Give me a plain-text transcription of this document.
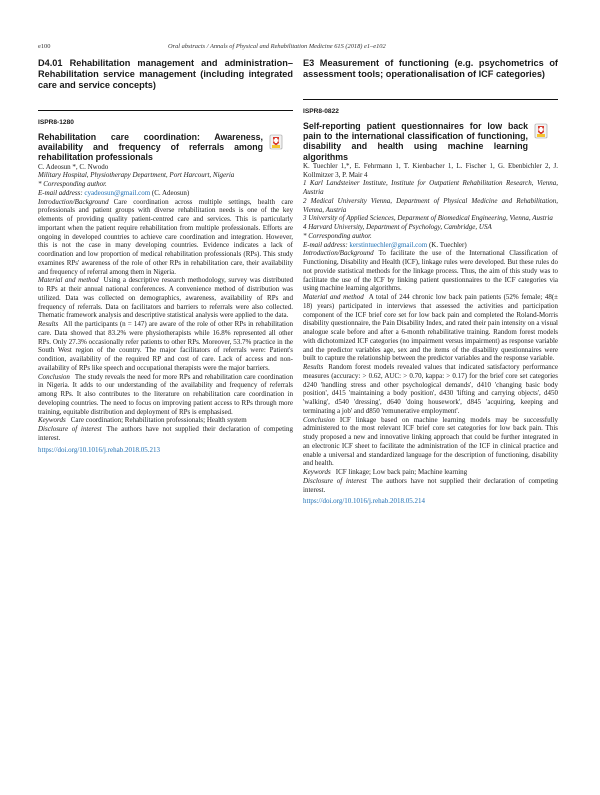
e100	Oral abstracts / Annals of Physical and Rehabilitation Medicine 61S (2018) e1–e102
D4.01 Rehabilitation management and administration–Rehabilitation service management (including integrated care and service concepts)
ISPR8-1280
Rehabilitation care coordination: Awareness, availability and frequency of referrals among rehabilitation professionals
C. Adeosun *, C. Nwodo
Military Hospital, Physiotherapy Department, Port Harcourt, Nigeria
* Corresponding author.
E-mail address: cyadeosun@gmail.com (C. Adeosun)

Introduction/Background Care coordination across multiple settings, health care professionals and patient groups with diverse rehabilitation needs is one of the key elements of providing quality patient-centred care and services. This is particularly important when the patient require rehabilitation from multiple professionals. Efforts are ongoing in developed countries to achieve care coordination and integration. However, this is not the case in many developing countries. Evidence indicates a lack of coordination and low proportion of medical rehabilitation professionals (RPs). This study examines RPs' awareness of the role of other RPs in rehabilitation care, their availability and frequency of referral among them in Nigeria.

Material and method Using a descriptive research methodology, survey was distributed to RPs at their annual national conferences. A convenience method of distribution was utilized. Data was collected on demographics, awareness, availability of RPs and frequency of referrals. Data on facilitators and barriers to referrals were also collected. Thematic framework analysis and descriptive statistical analysis were applied to the data.

Results All the participants (n = 147) are aware of the role of other RPs in rehabilitation care. Data showed that 83.2% were physiotherapists while 16.8% represented all other RPs. Only 27.3% occasionally refer patients to other RPs. Moreover, 53.7% practice in the South West region of the country. The major facilitators of referrals were: Patient's condition, availability of the required RP and cost of care. Lack of access and non-availability of RPs like speech and occupational therapists were the major barriers.

Conclusion The study reveals the need for more RPs and rehabilitation care coordination in Nigeria. It adds to our understanding of the availability and frequency of referrals among RPs. It also contributes to the literature on rehabilitation care coordination in developing countries. The need to focus on improving patient access to RPs through more training, equitable distribution and deployment of RPs is emphasised.

Keywords Care coordination; Rehabilitation professionals; Health system

Disclosure of interest The authors have not supplied their declaration of competing interest.

https://doi.org/10.1016/j.rehab.2018.05.213
E3 Measurement of functioning (e.g. psychometrics of assessment tools; operationalisation of ICF categories)
ISPR8-0822
Self-reporting patient questionnaires for low back pain to the international classification of functioning, disability and health using machine learning algorithms
K. Tuechler 1,*, E. Fehrmann 1, T. Kienbacher 1, L. Fischer 1, G. Ebenbichler 2, J. Kollmitzer 3, P. Mair 4
1 Karl Landsteiner Institute, Institute for Outpatient Rehabilitation Research, Vienna, Austria
2 Medical University Vienna, Department of Physical Medicine and Rehabilitation, Vienna, Austria
3 University of Applied Sciences, Deparment of Biomedical Engineering, Vienna, Austria
4 Harvard University, Department of Psychology, Cambridge, USA
* Corresponding author.
E-mail address: kerstintuechler@gmail.com (K. Tuechler)

Introduction/Background To facilitate the use of the International Classification of Functioning, Disability and Health (ICF), linkage rules were developed. But these rules do not provide statistical methods for the linkage process. Thus, the aim of this study was to facilitate the use of the ICF by linking patient questionnaires to the ICF categories via using machine learning algorithms.

Material and method A total of 244 chronic low back pain patients (52% female; 48(± 18) years) participated in interviews that assessed the activities and participation component of the ICF brief core set for low back pain and completed the Roland-Morris disability questionnaire, the Pain Disability Index, and rated their pain intensity on a visual analogue scale before and after a 6-month rehabilitative training. Random forest models with dichotomized ICF categories (no impairment versus impairment) as response variable and the predictor variables age, sex and the items of the disability questionnaires were built to capture the relationship between the predictor variables and the response variable.

Results Random forest models revealed values that indicated satisfactory performance measures (accuracy: > 0.62, AUC: > 0.70, kappa: > 0.17) for the brief core set categories d240 'handling stress and other psychological demands', d410 'changing basic body position', d415 'maintaining a body position', d430 'lifting and carrying objects', d450 'walking', d540 'dressing', d640 'doing housework', d845 'acquiring, keeping and terminating a job' and d850 'remunerative employment'.

Conclusion ICF linkage based on machine learning models may be successfully administered to the most relevant ICF brief core set categories for low back pain. This study proposed a new and innovative linking approach that could be further integrated in an electronic ICF sheet to facilitate the administration of the ICF in clinical practice and enable a universal and standardized language for the description of functioning, disability and health.

Keywords ICF linkage; Low back pain; Machine learning

Disclosure of interest The authors have not supplied their declaration of competing interest.

https://doi.org/10.1016/j.rehab.2018.05.214
